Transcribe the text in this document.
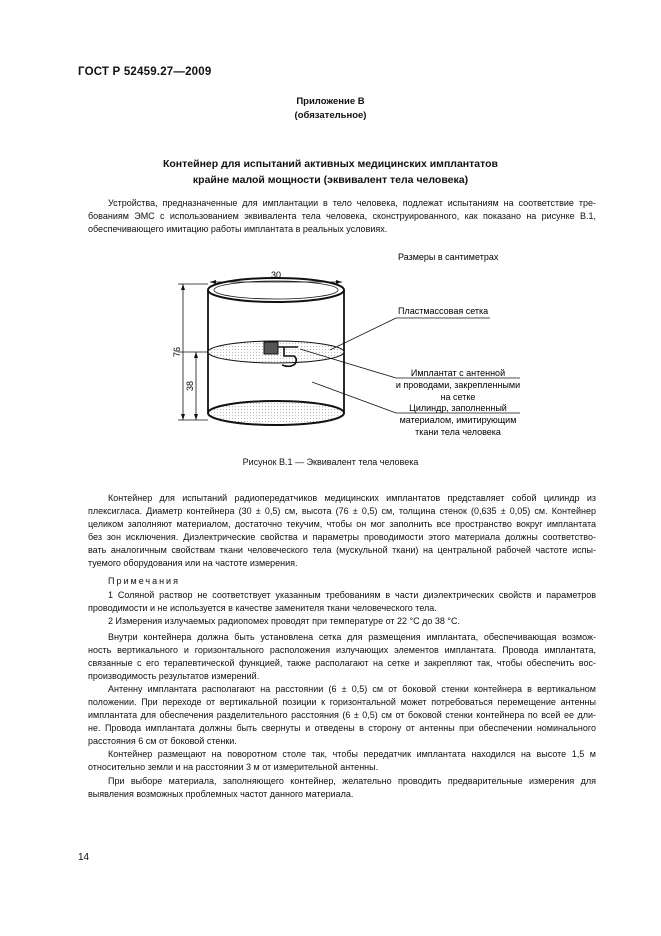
ГОСТ Р 52459.27—2009
Приложение В
(обязательное)
Контейнер для испытаний активных медицинских имплантатов
крайне малой мощности (эквивалент тела человека)
Устройства, предназначенные для имплантации в тело человека, подлежат испытаниям на соответствие тре-
бованиям ЭМС с использованием эквивалента тела человека, сконструированного, как показано на рисунке В.1,
обеспечивающего имитацию работы имплантата в реальных условиях.
Размеры в сантиметрах
30
76
38
Пластмассовая сетка
Имплантат с антенной
и проводами, закрепленными
на сетке
Цилиндр, заполненный
материалом, имитирующим
ткани тела человека
Рисунок В.1 — Эквивалент тела человека
Контейнер для испытаний радиопередатчиков медицинских имплантатов представляет собой цилиндр из
плексигласа. Диаметр контейнера (30 ± 0,5) см, высота (76 ± 0,5) см, толщина стенок (0,635 ± 0,05) см. Контейнер
целиком заполняют материалом, достаточно текучим, чтобы он мог заполнить все пространство вокруг имплантата
без зон исключения. Диэлектрические свойства и параметры проводимости этого материала должны соответство-
вать аналогичным свойствам ткани человеческого тела (мускульной ткани) на центральной рабочей частоте испы-
туемого оборудования или на частоте измерения.
Примечания
1 Соляной раствор не соответствует указанным требованиям в части диэлектрических свойств и параметров
проводимости и не используется в качестве заменителя ткани человеческого тела.
2 Измерения излучаемых радиопомех проводят при температуре от 22 °C до 38 °C.
Внутри контейнера должна быть установлена сетка для размещения имплантата, обеспечивающая возмож-
ность вертикального и горизонтального расположения излучающих элементов имплантата. Провода имплантата,
связанные с его терапевтической функцией, также располагают на сетке и закрепляют так, чтобы обеспечить вос-
производимость результатов измерений.
Антенну имплантата располагают на расстоянии (6 ± 0,5) см от боковой стенки контейнера в вертикальном
положении. При переходе от вертикальной позиции к горизонтальной может потребоваться перемещение антенны
имплантата для обеспечения разделительного расстояния (6 ± 0,5) см от боковой стенки контейнера по всей ее дли-
не. Провода имплантата должны быть свернуты и отведены в сторону от антенны при обеспечении номинального
расстояния 6 см от боковой стенки.
Контейнер размещают на поворотном столе так, чтобы передатчик имплантата находился на высоте 1,5 м
относительно земли и на расстоянии 3 м от измерительной антенны.
При выборе материала, заполняющего контейнер, желательно проводить предварительные измерения для
выявления возможных проблемных частот данного материала.
14
